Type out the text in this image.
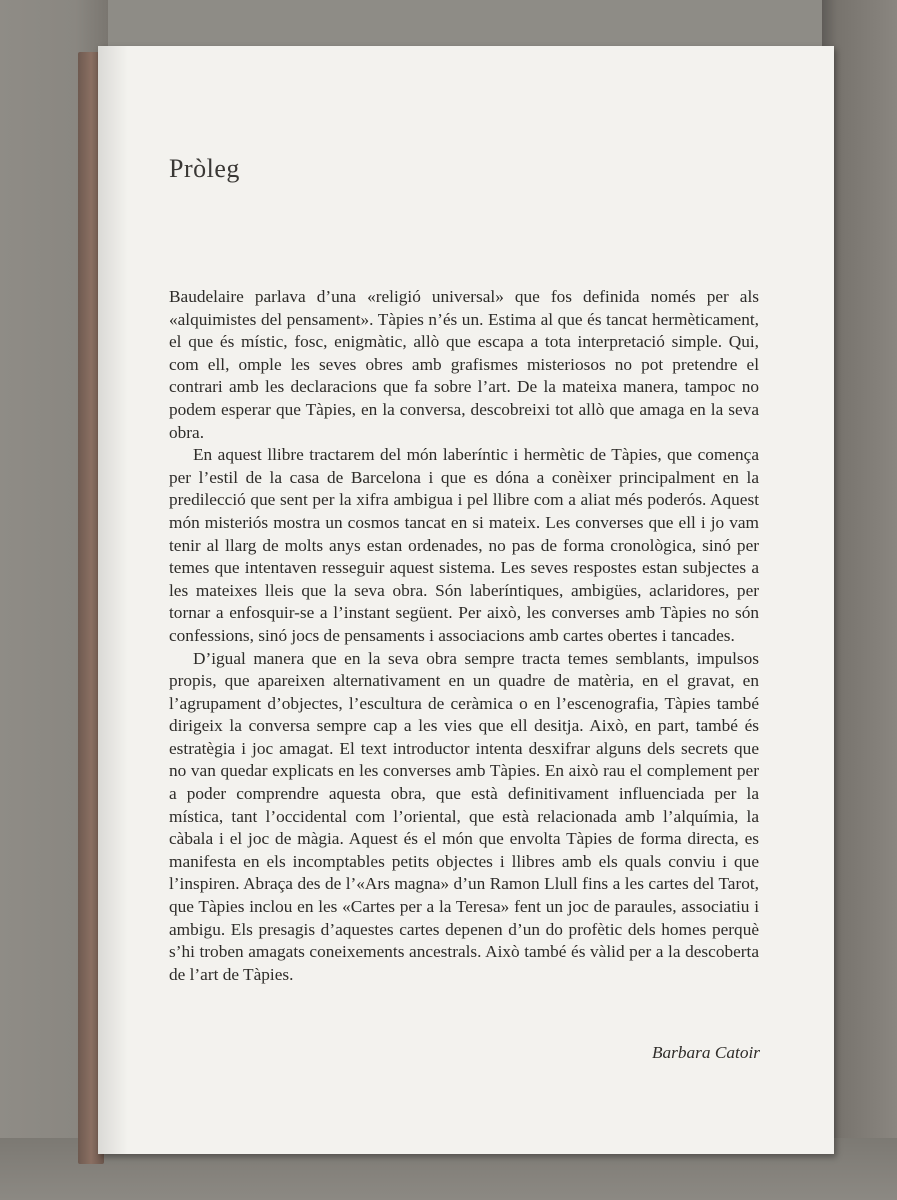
Pròleg

Baudelaire parlava d’una «religió universal» que fos definida només per als «alquimistes del pensament». Tàpies n’és un. Estima al que és tancat hermèticament, el que és místic, fosc, enigmàtic, allò que escapa a tota interpretació simple. Qui, com ell, omple les seves obres amb grafismes misteriosos no pot pretendre el contrari amb les declaracions que fa sobre l’art. De la mateixa manera, tampoc no podem esperar que Tàpies, en la conversa, descobreixi tot allò que amaga en la seva obra.

En aquest llibre tractarem del món laberíntic i hermètic de Tàpies, que comença per l’estil de la casa de Barcelona i que es dóna a conèixer principalment en la predilecció que sent per la xifra ambigua i pel llibre com a aliat més poderós. Aquest món misteriós mostra un cosmos tancat en si mateix. Les converses que ell i jo vam tenir al llarg de molts anys estan ordenades, no pas de forma cronològica, sinó per temes que intentaven resseguir aquest sistema. Les seves respostes estan subjectes a les mateixes lleis que la seva obra. Són laberíntiques, ambigües, aclaridores, per tornar a enfosquir-se a l’instant següent. Per això, les converses amb Tàpies no són confessions, sinó jocs de pensaments i associacions amb cartes obertes i tancades.

D’igual manera que en la seva obra sempre tracta temes semblants, impulsos propis, que apareixen alternativament en un quadre de matèria, en el gravat, en l’agrupament d’objectes, l’escultura de ceràmica o en l’escenografia, Tàpies també dirigeix la conversa sempre cap a les vies que ell desitja. Això, en part, també és estratègia i joc amagat. El text introductor intenta desxifrar alguns dels secrets que no van quedar explicats en les converses amb Tàpies. En això rau el complement per a poder comprendre aquesta obra, que està definitivament influenciada per la mística, tant l’occidental com l’oriental, que està relacionada amb l’alquímia, la càbala i el joc de màgia. Aquest és el món que envolta Tàpies de forma directa, es manifesta en els incomptables petits objectes i llibres amb els quals conviu i que l’inspiren. Abraça des de l’«Ars magna» d’un Ramon Llull fins a les cartes del Tarot, que Tàpies inclou en les «Cartes per a la Teresa» fent un joc de paraules, associatiu i ambigu. Els presagis d’aquestes cartes depenen d’un do profètic dels homes perquè s’hi troben amagats coneixements ancestrals. Això també és vàlid per a la descoberta de l’art de Tàpies.

Barbara Catoir
